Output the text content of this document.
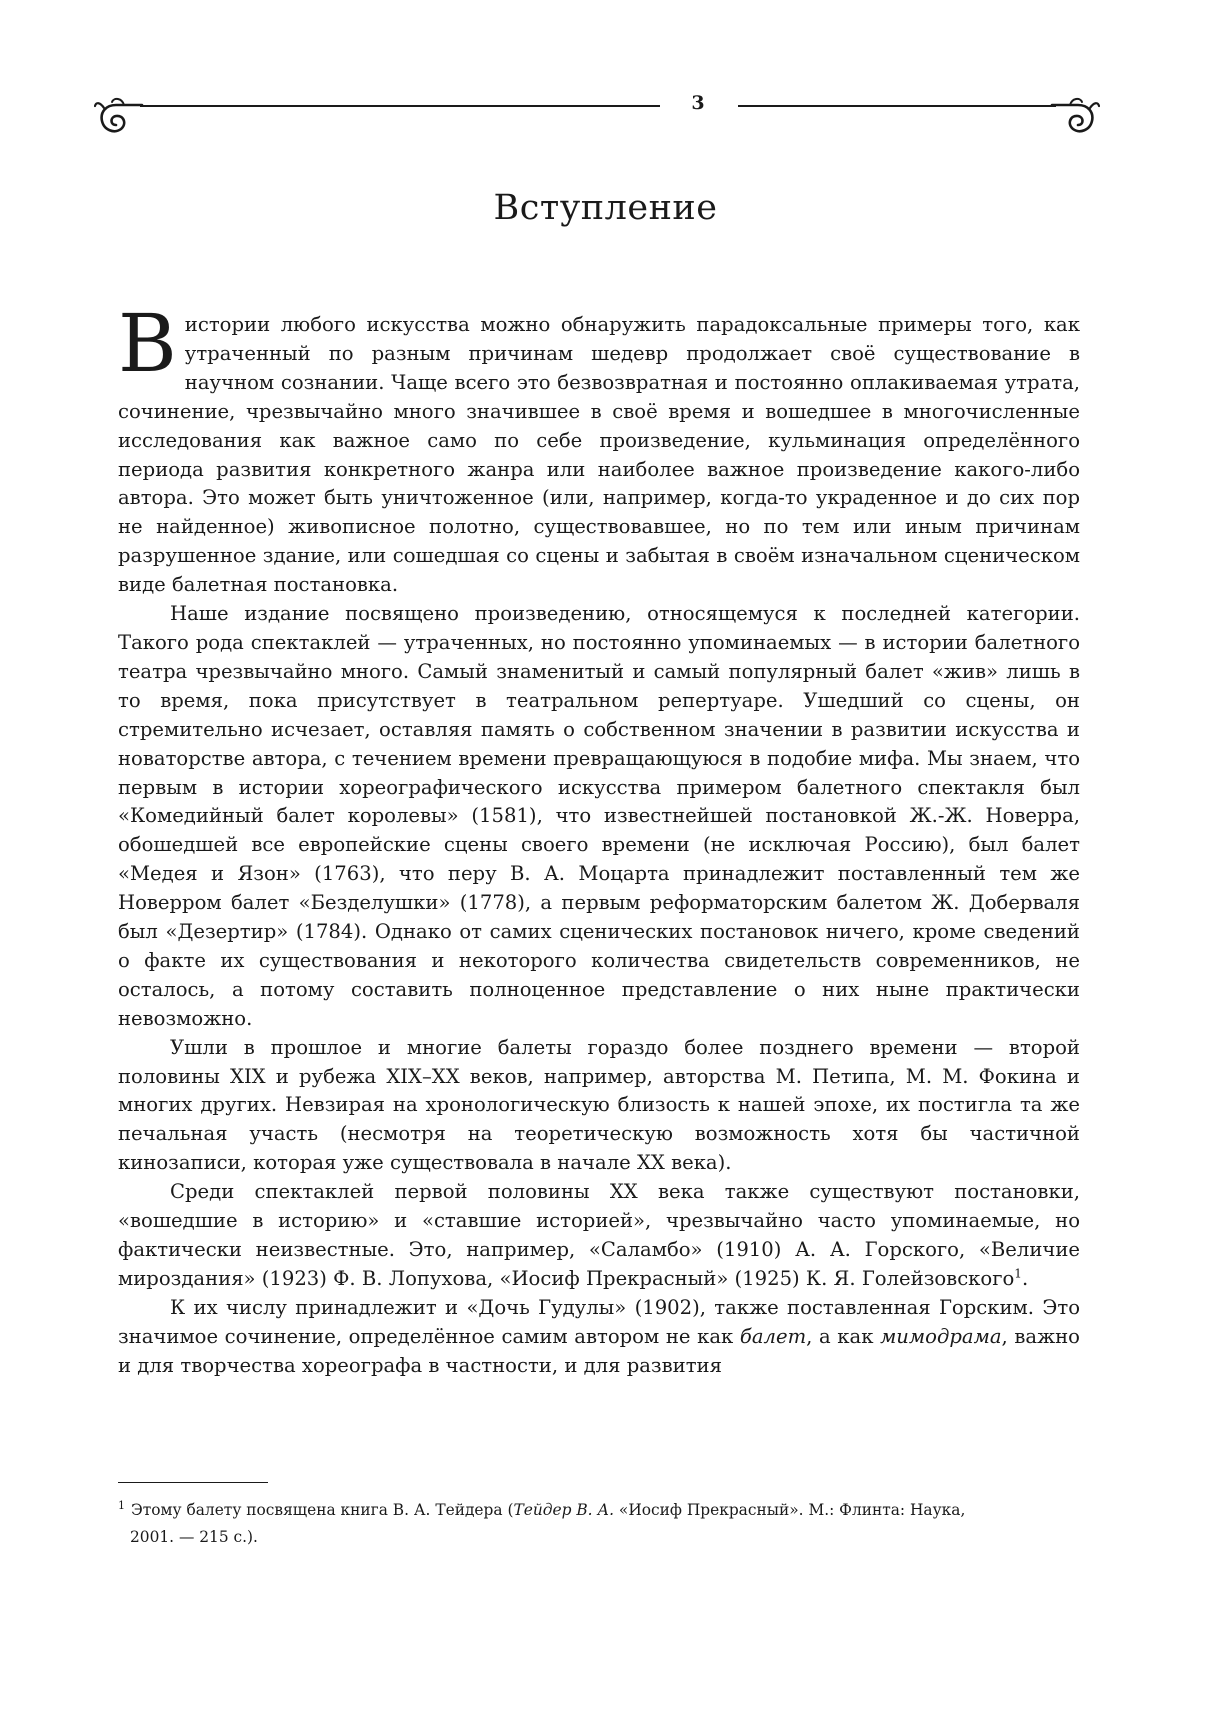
3
Вступление

В истории любого искусства можно обнаружить парадоксальные примеры того, как утраченный по разным причинам шедевр продолжает своё существование в научном сознании. Чаще всего это безвозвратная и постоянно оплакиваемая утрата, сочинение, чрезвычайно много значившее в своё время и вошедшее в многочисленные исследования как важное само по себе произведение, кульминация определённого периода развития конкретного жанра или наиболее важное произведение какого-либо автора. Это может быть уничтоженное (или, например, когда-то украденное и до сих пор не найденное) живописное полотно, существовавшее, но по тем или иным причинам разрушенное здание, или сошедшая со сцены и забытая в своём изначальном сценическом виде балетная постановка.

Наше издание посвящено произведению, относящемуся к последней категории. Такого рода спектаклей — утраченных, но постоянно упоминаемых — в истории балетного театра чрезвычайно много. Самый знаменитый и самый популярный балет «жив» лишь в то время, пока присутствует в театральном репертуаре. Ушедший со сцены, он стремительно исчезает, оставляя память о собственном значении в развитии искусства и новаторстве автора, с течением времени превращающуюся в подобие мифа. Мы знаем, что первым в истории хореографического искусства примером балетного спектакля был «Комедийный балет королевы» (1581), что известнейшей постановкой Ж.-Ж. Новерра, обошедшей все европейские сцены своего времени (не исключая Россию), был балет «Медея и Язон» (1763), что перу В. А. Моцарта принадлежит поставленный тем же Новерром балет «Безделушки» (1778), а первым реформаторским балетом Ж. Доберваля был «Дезертир» (1784). Однако от самих сценических постановок ничего, кроме сведений о факте их существования и некоторого количества свидетельств современников, не осталось, а потому составить полноценное представление о них ныне практически невозможно.

Ушли в прошлое и многие балеты гораздо более позднего времени — второй половины XIX и рубежа XIX–XX веков, например, авторства М. Петипа, М. М. Фокина и многих других. Невзирая на хронологическую близость к нашей эпохе, их постигла та же печальная участь (несмотря на теоретическую возможность хотя бы частичной кинозаписи, которая уже существовала в начале XX века).

Среди спектаклей первой половины XX века также существуют постановки, «вошедшие в историю» и «ставшие историей», чрезвычайно часто упоминаемые, но фактически неизвестные. Это, например, «Саламбо» (1910) А. А. Горского, «Величие мироздания» (1923) Ф. В. Лопухова, «Иосиф Прекрасный» (1925) К. Я. Голейзовского$^1$.

К их числу принадлежит и «Дочь Гудулы» (1902), также поставленная Горским. Это значимое сочинение, определённое самим автором не как балет, а как мимодрама, важно и для творчества хореографа в частности, и для развития

$^1$ Этому балету посвящена книга В. А. Тейдера (Тейдер В. А. «Иосиф Прекрасный». М.: Флинта: Наука,
2001. — 215 с.).
